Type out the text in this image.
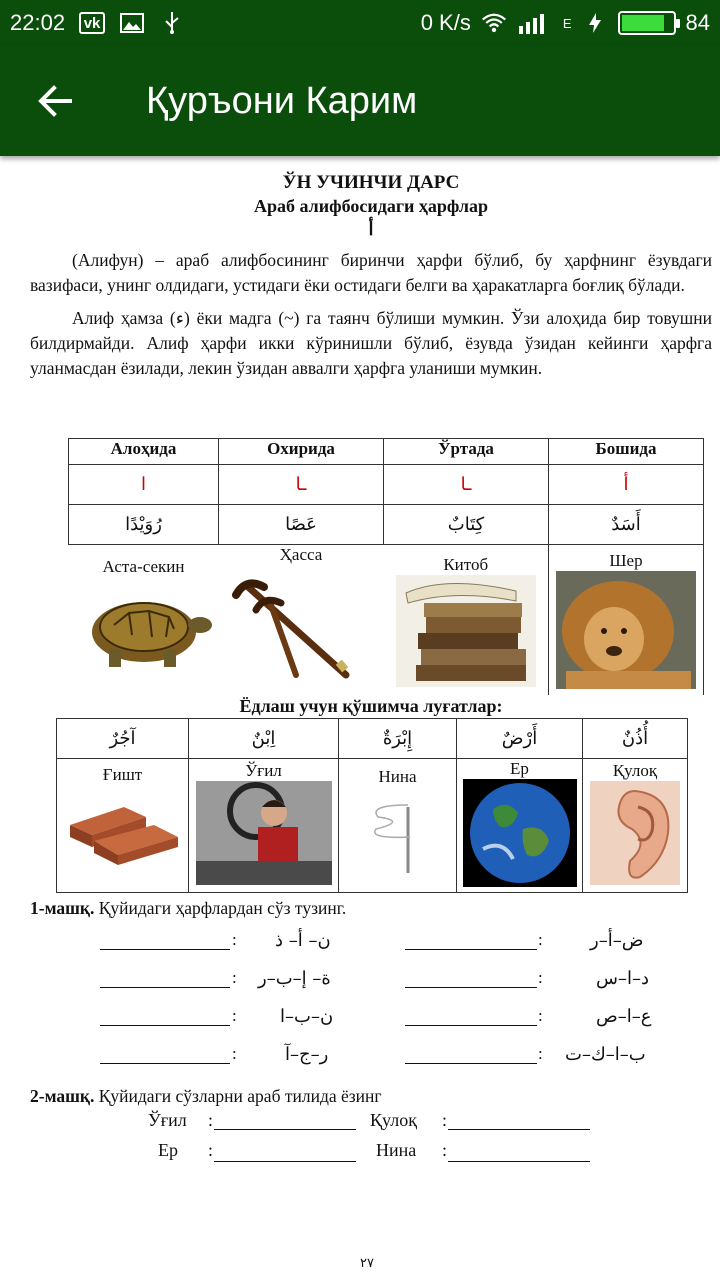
22:02	vk	0 K/s	E	84
Қуръони Карим
ЎН УЧИНЧИ ДАРС
Араб алифбосидаги ҳарфлар
أ
(Алифун) – араб алифбосининг биринчи ҳарфи бўлиб, бу ҳарфнинг ёзувдаги вазифаси, унинг олдидаги, устидаги ёки остидаги белги ва ҳаракатларга боғлиқ бўлади.
Алиф ҳамза (ء) ёки мадга (~) га таянч бўлиши мумкин. Ўзи алоҳида бир товушни билдирмайди. Алиф ҳарфи икки кўринишли бўлиб, ёзувда ўзидан кейинги ҳарфга уланмасдан ёзилади, лекин ўзидан аввалги ҳарфга уланиши мумкин.
Алоҳида	Охирида	Ўртада	Бошида
ا	ـا	ـا	أ
رُوَيْدًا	عَصًا	كِتَابٌ	أَسَدٌ

Аста-секин	Ҳасса	Китоб	Шер
Ёдлаш учун қўшимча луғатлар:
آجُرٌ	اِبْنٌ	إِبْرَةٌ	أَرْضٌ	أُذُنٌ

Ғишт	Ўғил	Нина	Ер	Қулоқ
1-машқ. Қуйидаги ҳарфлардан сўз тузинг.
: ن– أ– ذ	:	ض–أ–ر
: ة– إ–ب–ر	:	د–ا–س
: ن–ب–ا	:	ع–ا–ص
:	ر–ج–آ	: ب–ا–ك–ت
2-машқ. Қуйидаги сўзларни араб тилида ёзинг
Ўғил :	Қулоқ :
Ер :	Нина :
٢٧
